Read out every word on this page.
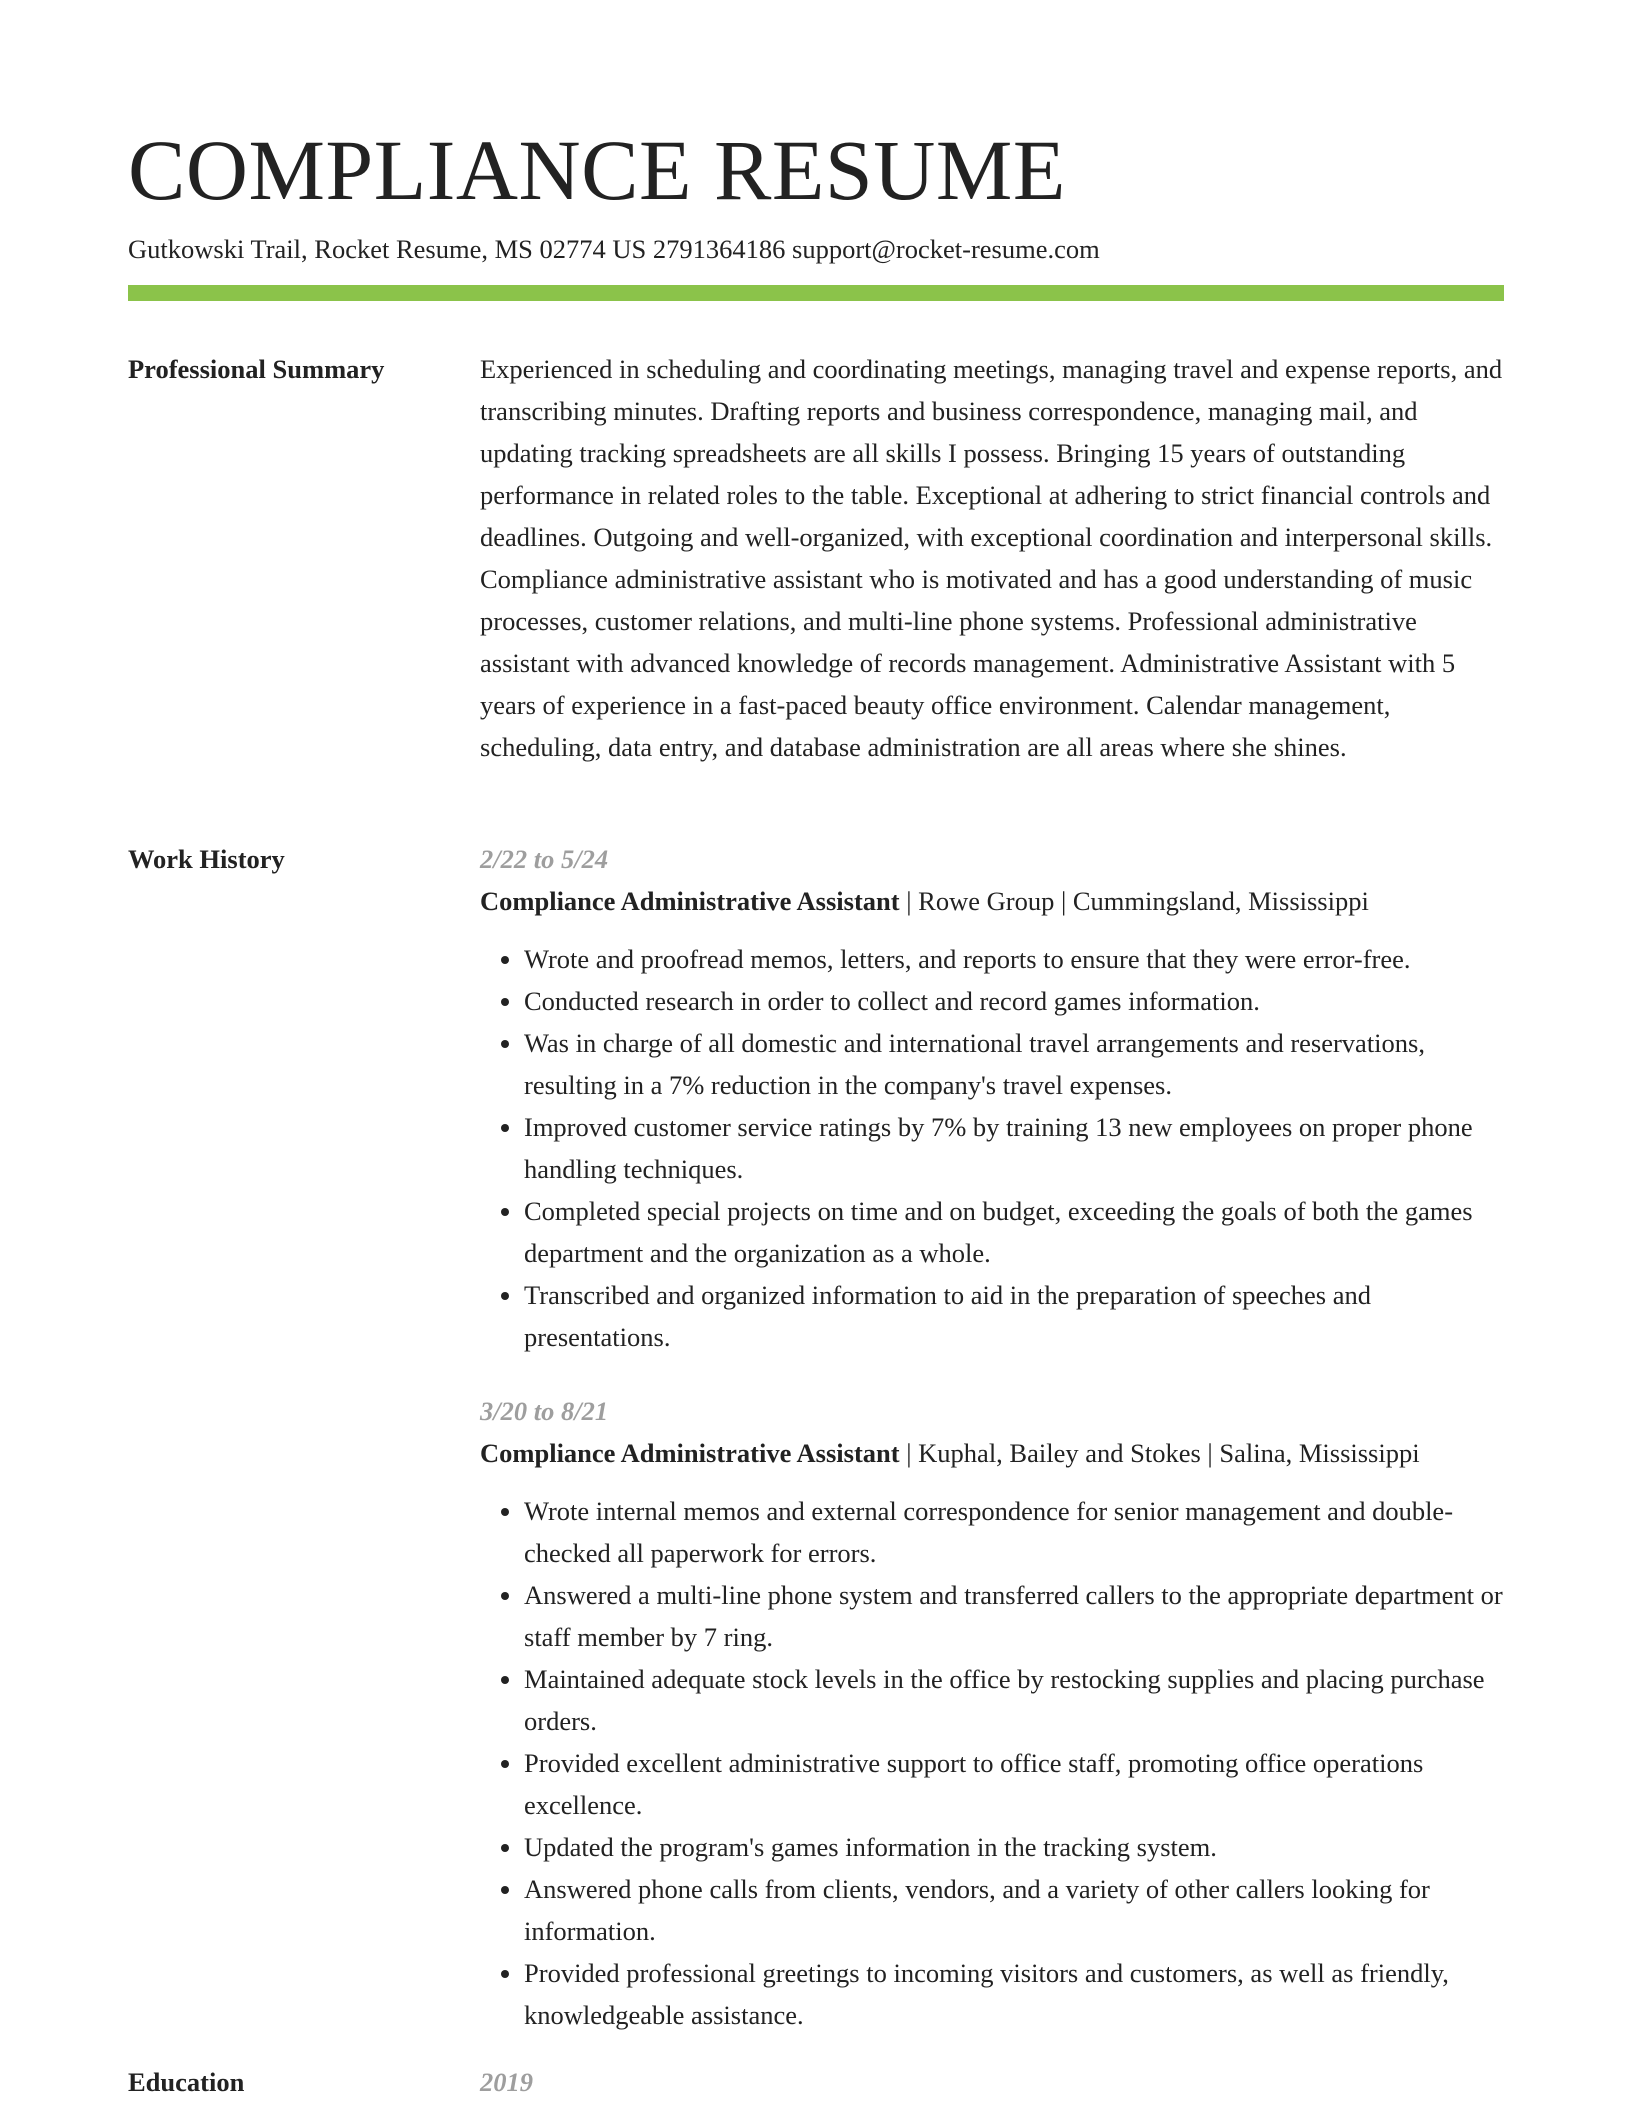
COMPLIANCE RESUME
Gutkowski Trail, Rocket Resume, MS 02774 US 2791364186 support@rocket-resume.com
Professional Summary	Experienced in scheduling and coordinating meetings, managing travel and expense reports, and transcribing minutes. Drafting reports and business correspondence, managing mail, and updating tracking spreadsheets are all skills I possess. Bringing 15 years of outstanding performance in related roles to the table. Exceptional at adhering to strict financial controls and deadlines. Outgoing and well-organized, with exceptional coordination and interpersonal skills. Compliance administrative assistant who is motivated and has a good understanding of music processes, customer relations, and multi-line phone systems. Professional administrative assistant with advanced knowledge of records management. Administrative Assistant with 5 years of experience in a fast-paced beauty office environment. Calendar management, scheduling, data entry, and database administration are all areas where she shines.

Work History	2/22 to 5/24
Compliance Administrative Assistant | Rowe Group | Cummingsland, Mississippi
• Wrote and proofread memos, letters, and reports to ensure that they were error-free.
• Conducted research in order to collect and record games information.
• Was in charge of all domestic and international travel arrangements and reservations, resulting in a 7% reduction in the company's travel expenses.
• Improved customer service ratings by 7% by training 13 new employees on proper phone handling techniques.
• Completed special projects on time and on budget, exceeding the goals of both the games department and the organization as a whole.
• Transcribed and organized information to aid in the preparation of speeches and presentations.
3/20 to 8/21
Compliance Administrative Assistant | Kuphal, Bailey and Stokes | Salina, Mississippi
• Wrote internal memos and external correspondence for senior management and double-checked all paperwork for errors.
• Answered a multi-line phone system and transferred callers to the appropriate department or staff member by 7 ring.
• Maintained adequate stock levels in the office by restocking supplies and placing purchase orders.
• Provided excellent administrative support to office staff, promoting office operations excellence.
• Updated the program's games information in the tracking system.
• Answered phone calls from clients, vendors, and a variety of other callers looking for information.
• Provided professional greetings to incoming visitors and customers, as well as friendly, knowledgeable assistance.
Education	2019
